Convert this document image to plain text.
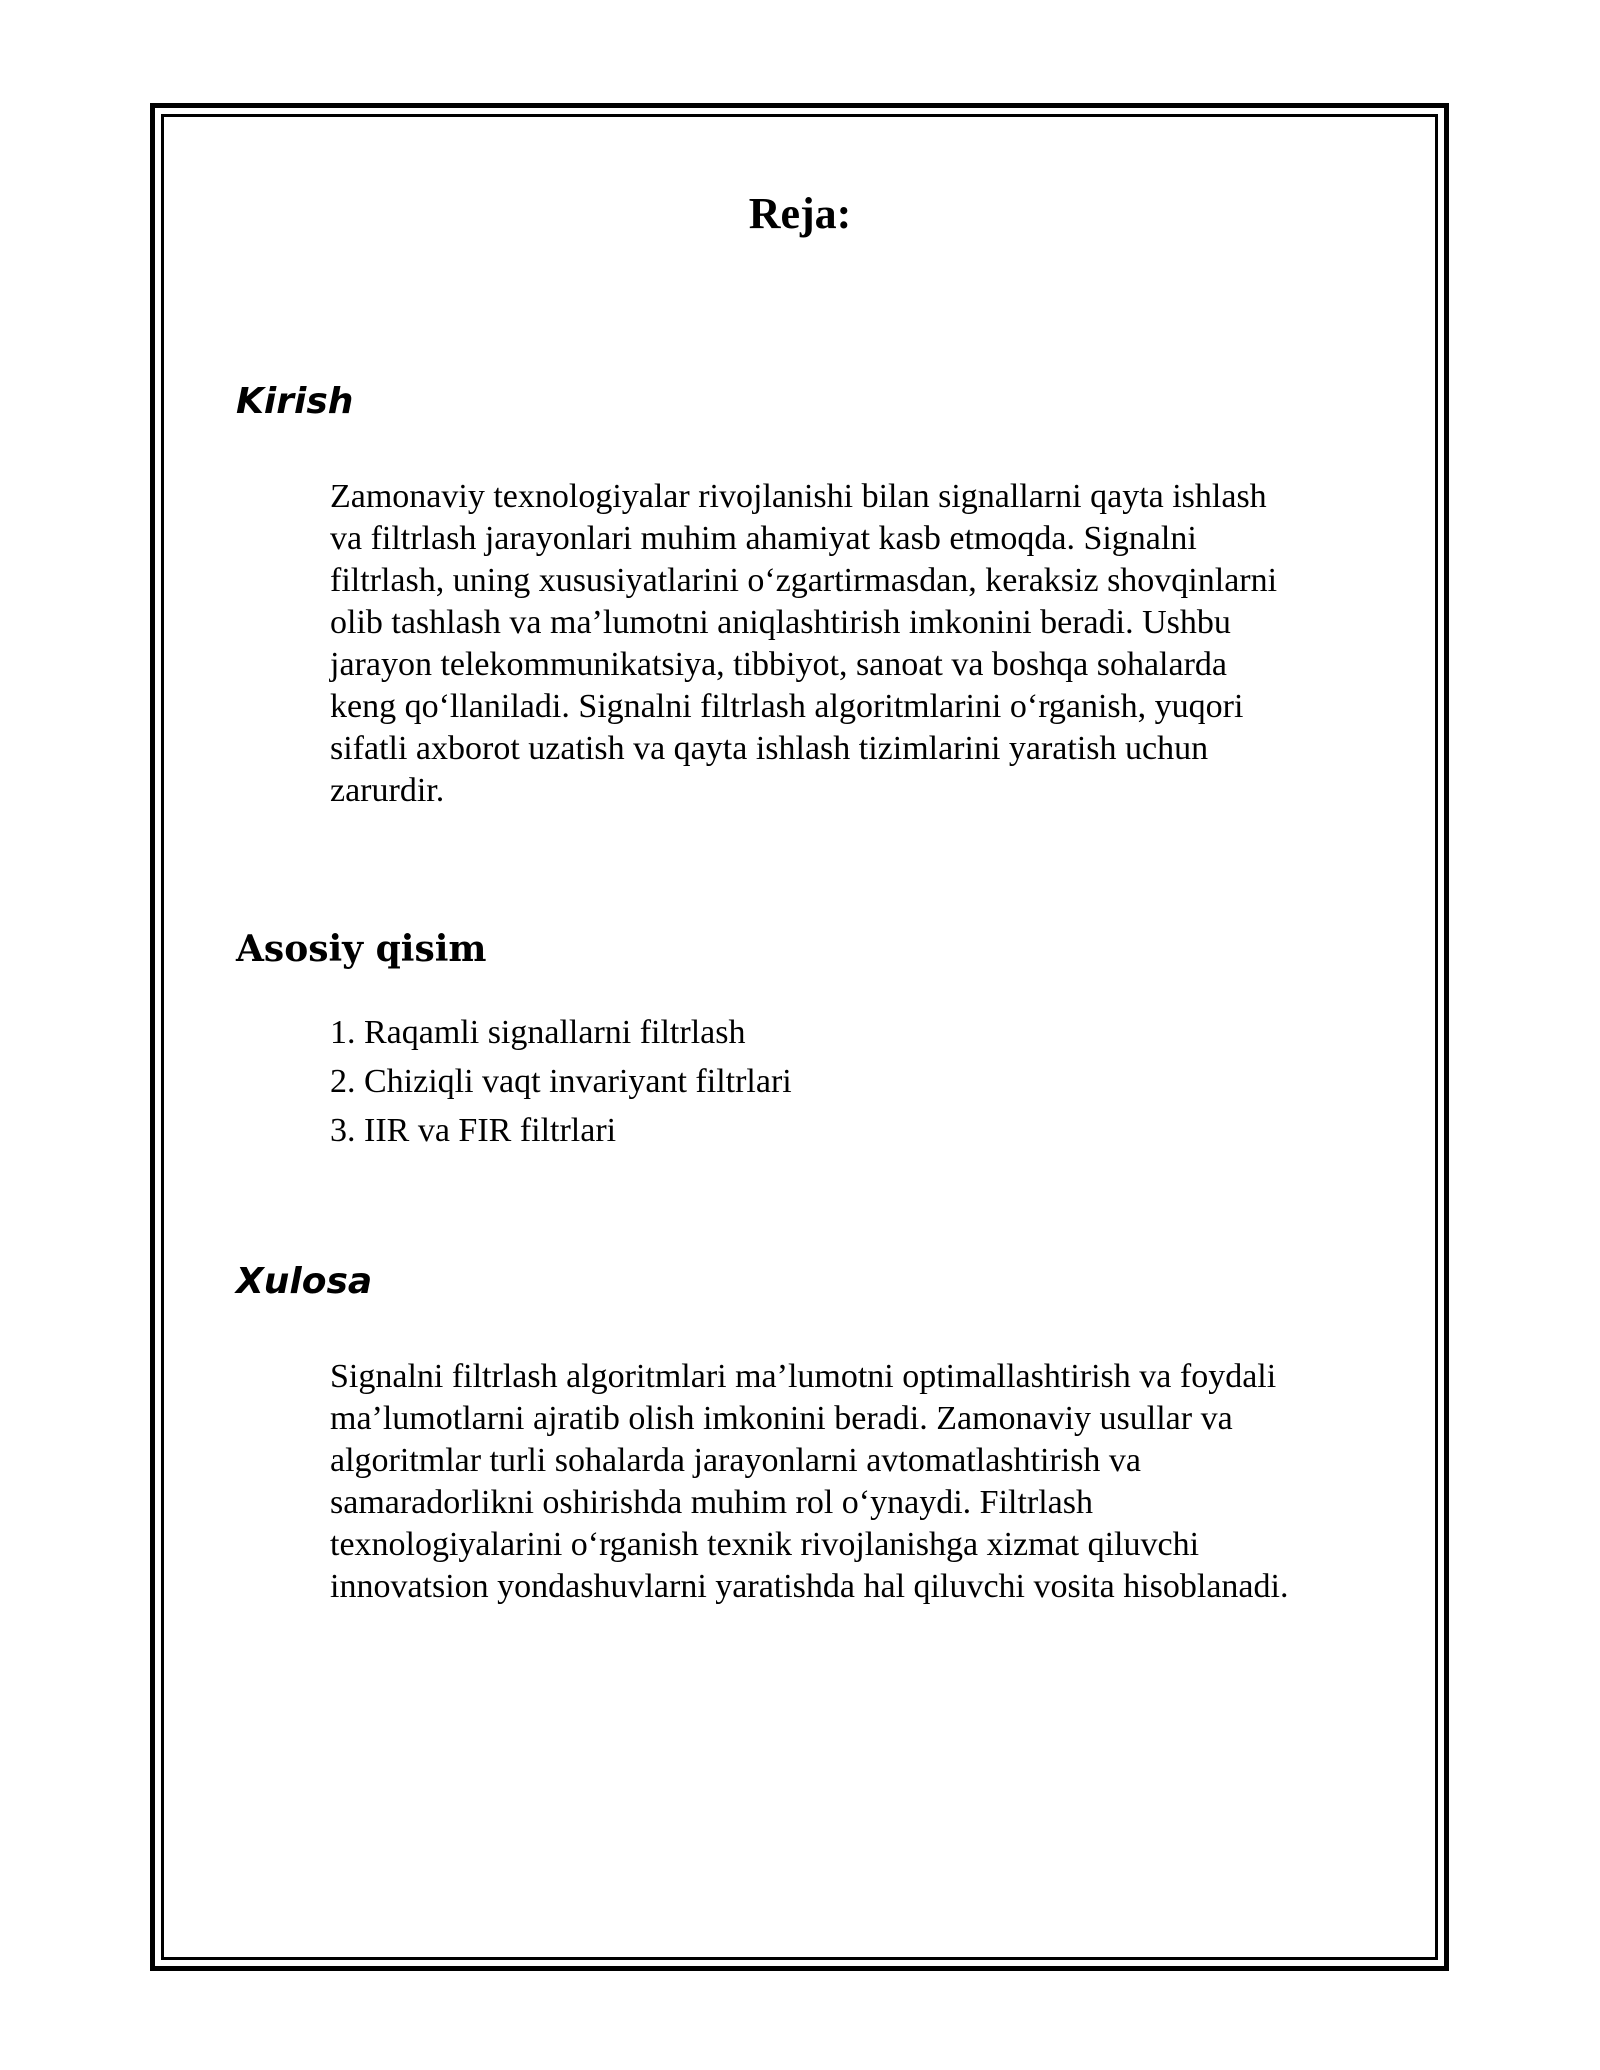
Reja:
Kirish
Zamonaviy texnologiyalar rivojlanishi bilan signallarni qayta ishlash
va filtrlash jarayonlari muhim ahamiyat kasb etmoqda. Signalni
filtrlash, uning xususiyatlarini o‘zgartirmasdan, keraksiz shovqinlarni
olib tashlash va ma’lumotni aniqlashtirish imkonini beradi. Ushbu
jarayon telekommunikatsiya, tibbiyot, sanoat va boshqa sohalarda
keng qo‘llaniladi. Signalni filtrlash algoritmlarini o‘rganish, yuqori
sifatli axborot uzatish va qayta ishlash tizimlarini yaratish uchun
zarurdir.
Asosiy qisim
1. Raqamli signallarni filtrlash
2. Chiziqli vaqt invariyant filtrlari
3. IIR va FIR filtrlari
Xulosa
Signalni filtrlash algoritmlari ma’lumotni optimallashtirish va foydali
ma’lumotlarni ajratib olish imkonini beradi. Zamonaviy usullar va
algoritmlar turli sohalarda jarayonlarni avtomatlashtirish va
samaradorlikni oshirishda muhim rol o‘ynaydi. Filtrlash
texnologiyalarini o‘rganish texnik rivojlanishga xizmat qiluvchi
innovatsion yondashuvlarni yaratishda hal qiluvchi vosita hisoblanadi.
